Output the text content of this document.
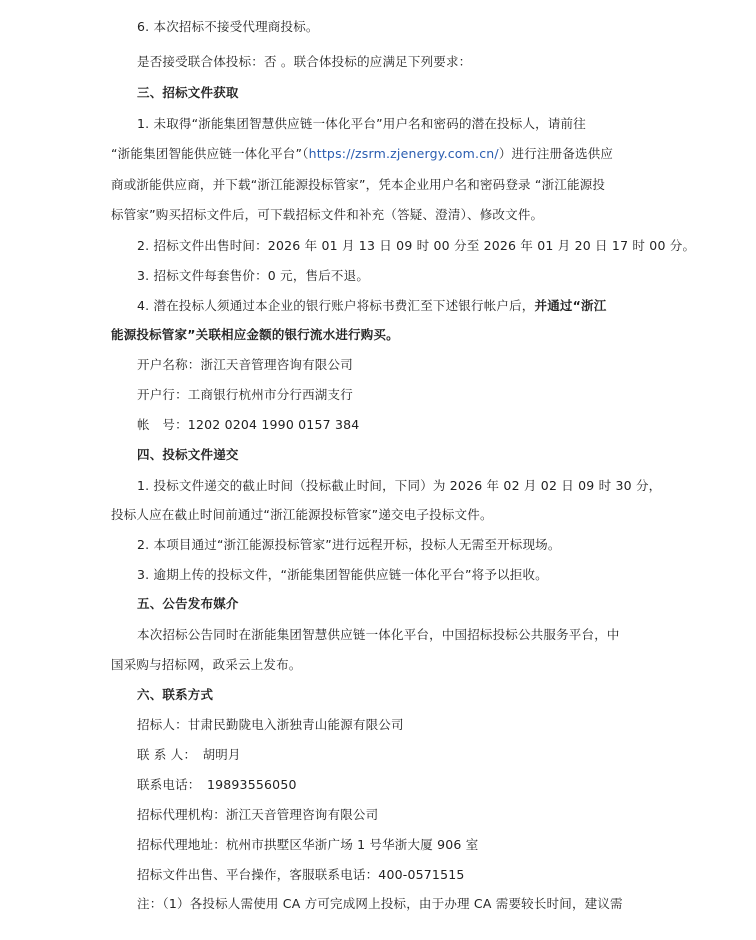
6. 本次招标不接受代理商投标。
是否接受联合体投标：否 。联合体投标的应满足下列要求：
三、招标文件获取
1. 未取得“浙能集团智慧供应链一体化平台”用户名和密码的潜在投标人，请前往
“浙能集团智能供应链一体化平台”（https://zsrm.zjenergy.com.cn/）进行注册备选供应
商或浙能供应商，并下载“浙江能源投标管家”，凭本企业用户名和密码登录 “浙江能源投
标管家”购买招标文件后，可下载招标文件和补充（答疑、澄清）、修改文件。
2. 招标文件出售时间：2026 年 01 月 13 日 09 时 00 分至 2026 年 01 月 20 日 17 时 00 分。
3. 招标文件每套售价：0 元，售后不退。
4. 潜在投标人须通过本企业的银行账户将标书费汇至下述银行帐户后，并通过“浙江
能源投标管家”关联相应金额的银行流水进行购买。
开户名称：浙江天音管理咨询有限公司
开户行：工商银行杭州市分行西湖支行
帐　号：1202 0204 1990 0157 384
四、投标文件递交
1. 投标文件递交的截止时间（投标截止时间，下同）为 2026 年 02 月 02 日 09 时 30 分，
投标人应在截止时间前通过“浙江能源投标管家”递交电子投标文件。
2. 本项目通过“浙江能源投标管家”进行远程开标，投标人无需至开标现场。
3. 逾期上传的投标文件，“浙能集团智能供应链一体化平台”将予以拒收。
五、公告发布媒介
本次招标公告同时在浙能集团智慧供应链一体化平台，中国招标投标公共服务平台，中
国采购与招标网，政采云上发布。
六、联系方式
招标人：甘肃民勤陇电入浙独青山能源有限公司
联 系 人：　胡明月
联系电话：　19893556050
招标代理机构：浙江天音管理咨询有限公司
招标代理地址：杭州市拱墅区华浙广场 1 号华浙大厦 906 室
招标文件出售、平台操作，客服联系电话：400-0571515
注：（1）各投标人需使用 CA 方可完成网上投标，由于办理 CA 需要较长时间，建议需
